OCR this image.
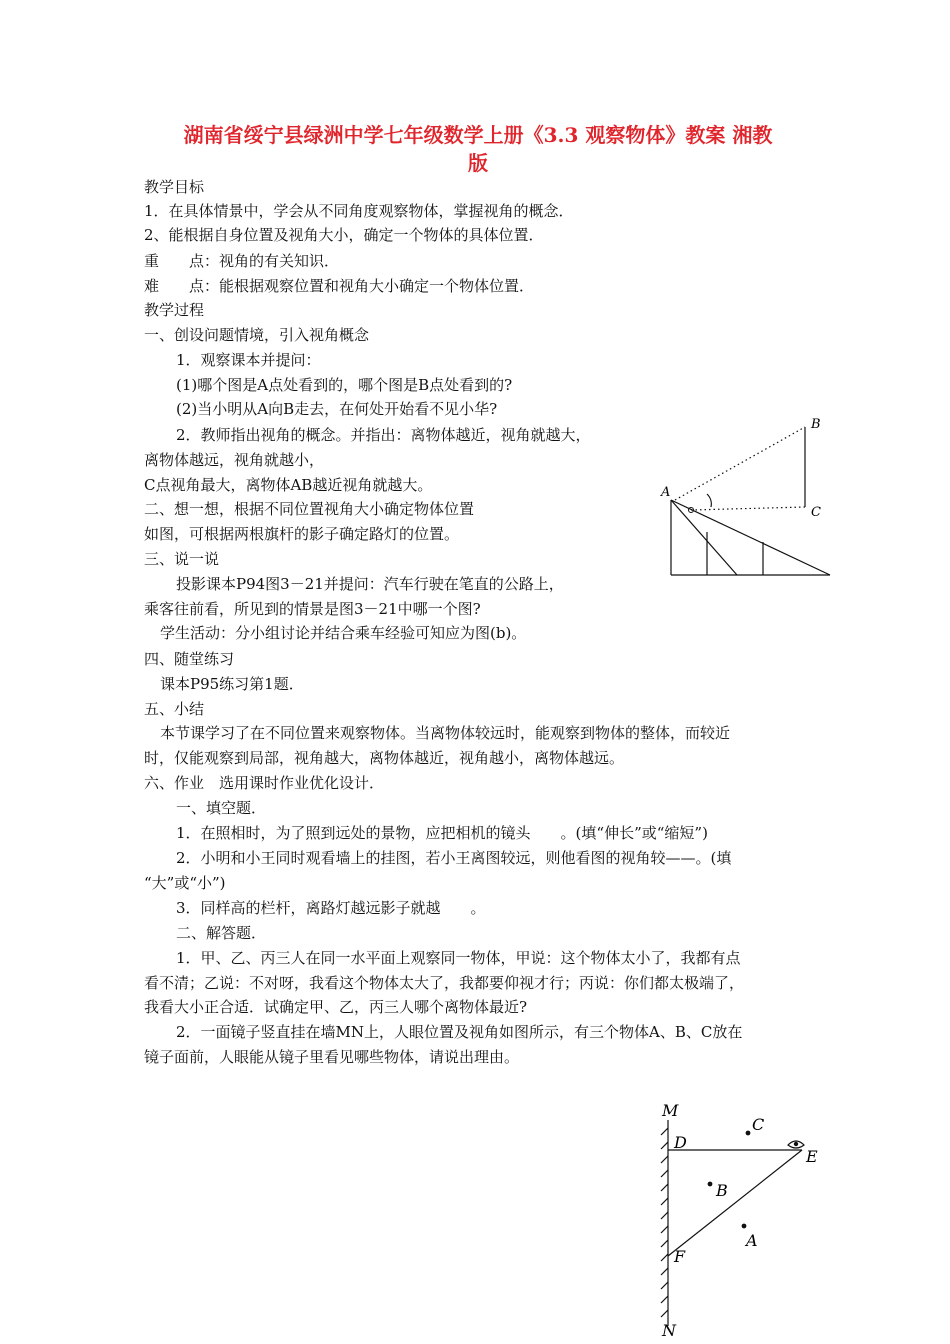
湖南省绥宁县绿洲中学七年级数学上册《3.3 观察物体》教案 湘教
版
教学目标
1．在具体情景中，学会从不同角度观察物体，掌握视角的概念．
2、能根据自身位置及视角大小，确定一个物体的具体位置．
重　　点：视角的有关知识．
难　　点：能根据观察位置和视角大小确定一个物体位置．
教学过程
一、创设问题情境，引入视角概念
1．观察课本并提问：
(1)哪个图是A点处看到的，哪个图是B点处看到的?
(2)当小明从A向B走去，在何处开始看不见小华?
2．教师指出视角的概念。并指出：离物体越近，视角就越大，
离物体越远，视角就越小，
C点视角最大，离物体AB越近视角就越大。
二、想一想，根据不同位置视角大小确定物体位置
如图，可根据两根旗杆的影子确定路灯的位置。
三、说一说
投影课本P94图3－21并提问：汽车行驶在笔直的公路上，
乘客往前看，所见到的情景是图3－21中哪一个图?
学生活动：分小组讨论并结合乘车经验可知应为图(b)。
四、随堂练习
课本P95练习第1题．
五、小结
本节课学习了在不同位置来观察物体。当离物体较远时，能观察到物体的整体，而较近
时，仅能观察到局部，视角越大，离物体越近，视角越小，离物体越远。
六、作业　选用课时作业优化设计．
一、填空题．
1．在照相时，为了照到远处的景物，应把相机的镜头　　。(填“伸长”或“缩短”)
2．小明和小王同时观看墙上的挂图，若小王离图较远，则他看图的视角较——。(填
“大”或“小”)
3．同样高的栏杆，离路灯越远影子就越　　。
二、解答题．
1．甲、乙、丙三人在同一水平面上观察同一物体，甲说：这个物体太小了，我都有点
看不清；乙说：不对呀，我看这个物体太大了，我都要仰视才行；丙说：你们都太极端了，
我看大小正合适．试确定甲、乙，丙三人哪个离物体最近?
2．一面镜子竖直挂在墙MN上，人眼位置及视角如图所示，有三个物体A、B、C放在
镜子面前，人眼能从镜子里看见哪些物体，请说出理由。
B
A
C
M
D
C
E
B
A
F
N
